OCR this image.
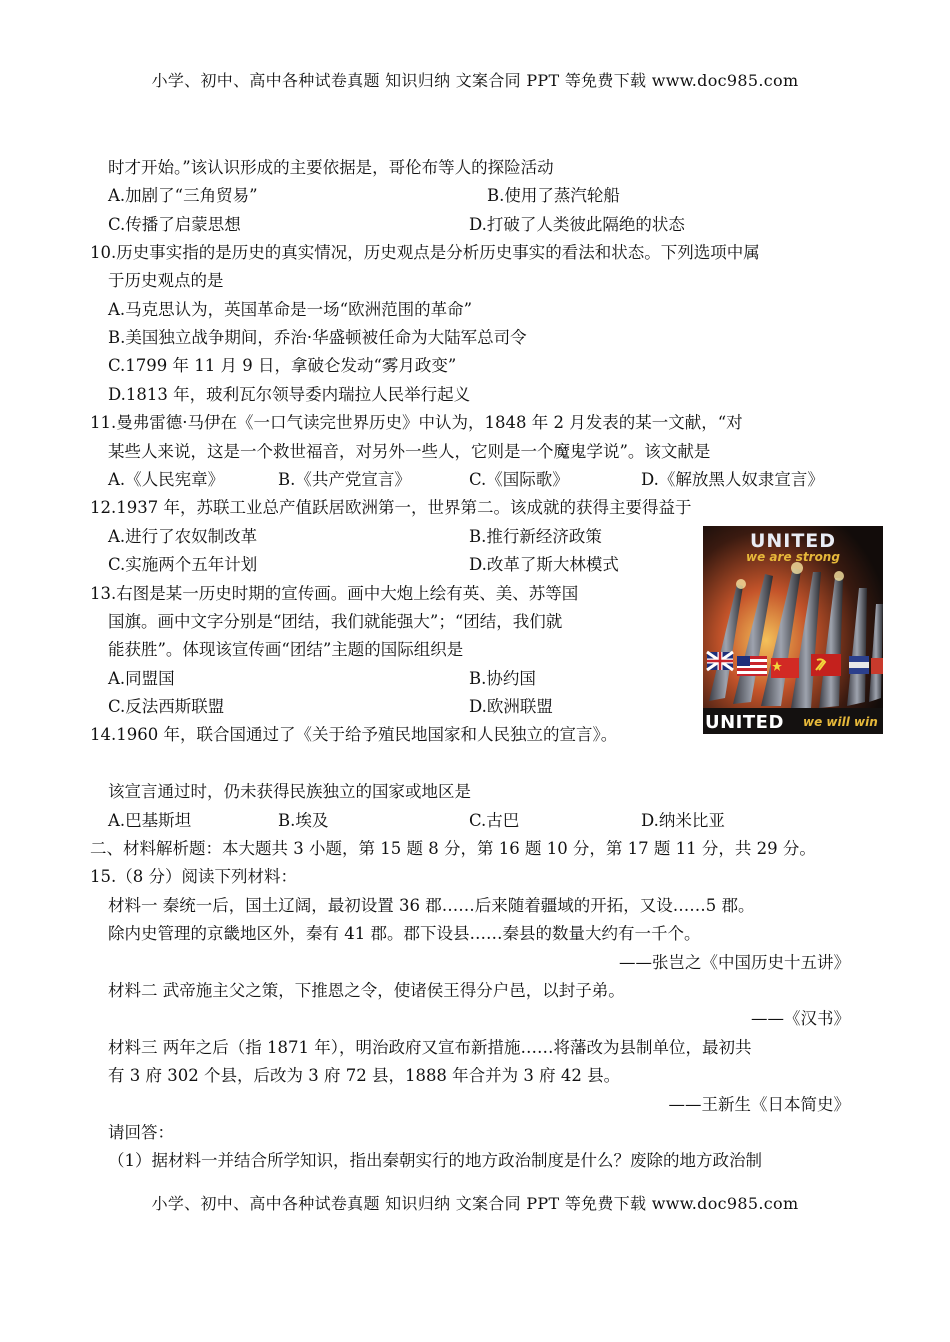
小学、初中、高中各种试卷真题 知识归纳 文案合同 PPT 等免费下载 www.doc985.com
时才开始。”该认识形成的主要依据是，哥伦布等人的探险活动
A.加剧了“三角贸易”	B.使用了蒸汽轮船
C.传播了启蒙思想	D.打破了人类彼此隔绝的状态
10.历史事实指的是历史的真实情况，历史观点是分析历史事实的看法和状态。下列选项中属
于历史观点的是
A.马克思认为，英国革命是一场“欧洲范围的革命”
B.美国独立战争期间，乔治·华盛顿被任命为大陆军总司令
C.1799 年 11 月 9 日，拿破仑发动“雾月政变”
D.1813 年，玻利瓦尔领导委内瑞拉人民举行起义
11.曼弗雷德·马伊在《一口气读完世界历史》中认为，1848 年 2 月发表的某一文献，“对
某些人来说，这是一个救世福音，对另外一些人，它则是一个魔鬼学说”。该文献是
A.《人民宪章》	B.《共产党宣言》	C.《国际歌》	D.《解放黑人奴隶宣言》
12.1937 年，苏联工业总产值跃居欧洲第一，世界第二。该成就的获得主要得益于
A.进行了农奴制改革	B.推行新经济政策
C.实施两个五年计划	D.改革了斯大林模式
13.右图是某一历史时期的宣传画。画中大炮上绘有英、美、苏等国
国旗。画中文字分别是“团结，我们就能强大”；“团结，我们就
能获胜”。体现该宣传画“团结”主题的国际组织是
A.同盟国	B.协约国
C.反法西斯联盟	D.欧洲联盟
UNITED
we are strong
UNITED we will win
14.1960 年，联合国通过了《关于给予殖民地国家和人民独立的宣言》。
该宣言通过时，仍未获得民族独立的国家或地区是
A.巴基斯坦	B.埃及	C.古巴	D.纳米比亚
二、材料解析题：本大题共 3 小题，第 15 题 8 分，第 16 题 10 分，第 17 题 11 分，共 29 分。
15.（8 分）阅读下列材料：
材料一 秦统一后，国土辽阔，最初设置 36 郡……后来随着疆域的开拓，又设……5 郡。
除内史管理的京畿地区外，秦有 41 郡。郡下设县……秦县的数量大约有一千个。
——张岂之《中国历史十五讲》
材料二 武帝施主父之策，下推恩之令，使诸侯王得分户邑，以封子弟。
——《汉书》
材料三 两年之后（指 1871 年），明治政府又宣布新措施……将藩改为县制单位，最初共
有 3 府 302 个县，后改为 3 府 72 县，1888 年合并为 3 府 42 县。
——王新生《日本简史》
请回答：
（1）据材料一并结合所学知识，指出秦朝实行的地方政治制度是什么？废除的地方政治制
小学、初中、高中各种试卷真题 知识归纳 文案合同 PPT 等免费下载 www.doc985.com
